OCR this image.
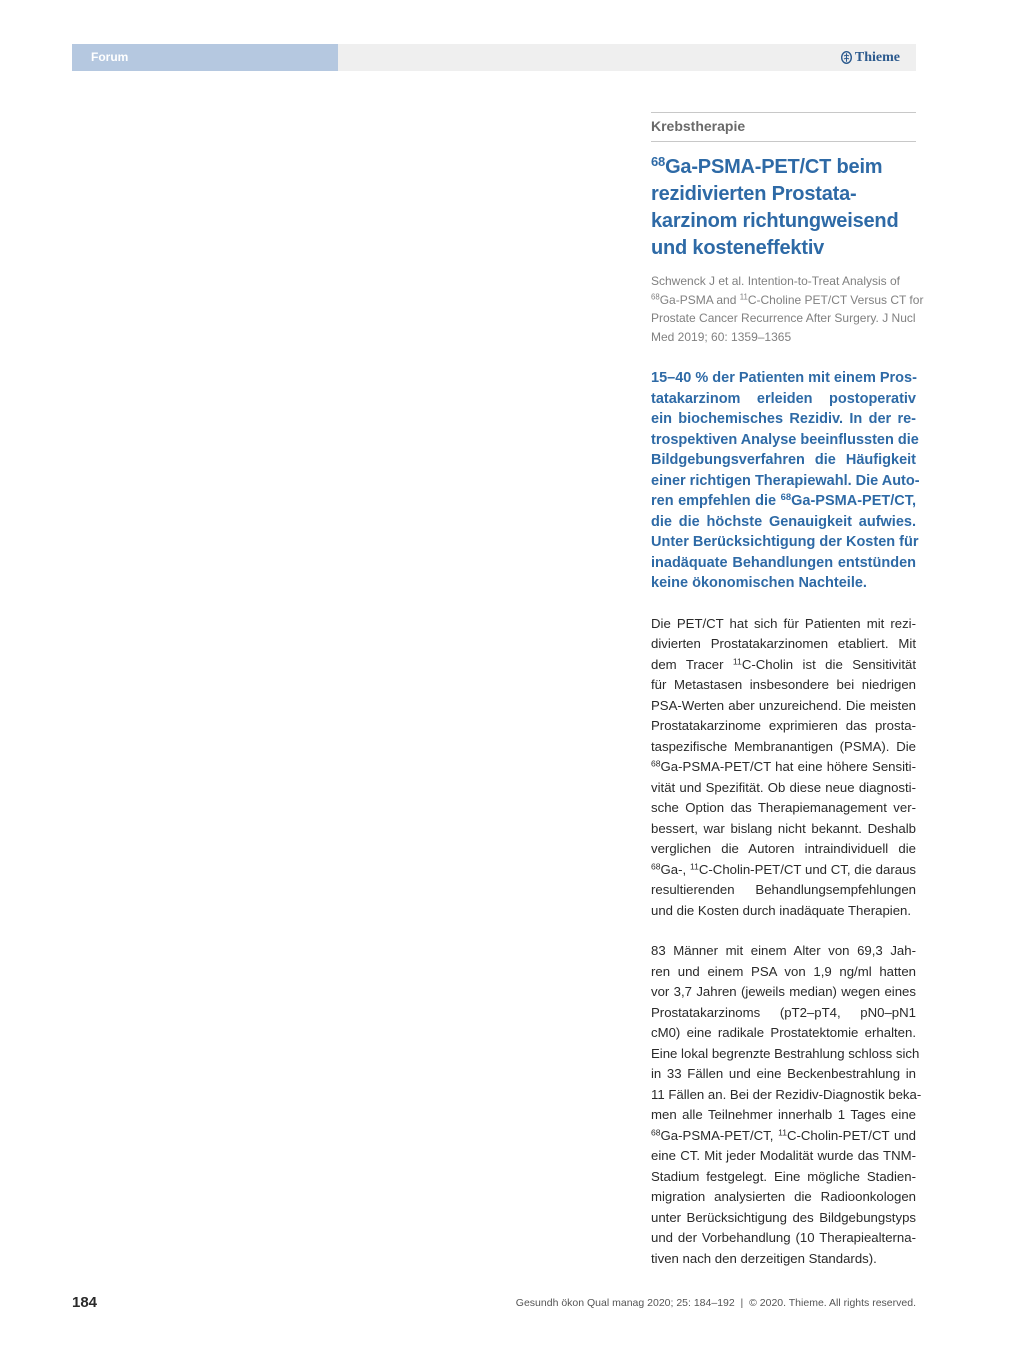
Forum	Thieme
Krebstherapie
$^{68}$Ga-PSMA-PET/CT beim
rezidivierten Prostata-
karzinom richtungweisend
und kosteneffektiv
Schwenck J et al. Intention-to-Treat Analysis of
$^{68}$Ga-PSMA and $^{11}$C-Choline PET/CT Versus CT for
Prostate Cancer Recurrence After Surgery. J Nucl
Med 2019; 60: 1359–1365
15–40 % der Patienten mit einem Pros-
tatakarzinom erleiden postoperativ
ein biochemisches Rezidiv. In der re-
trospektiven Analyse beeinflussten die
Bildgebungsverfahren die Häufigkeit
einer richtigen Therapiewahl. Die Auto-
ren empfehlen die $^{68}$Ga-PSMA-PET/CT,
die die höchste Genauigkeit aufwies.
Unter Berücksichtigung der Kosten für
inadäquate Behandlungen entstünden
keine ökonomischen Nachteile.
Die PET/CT hat sich für Patienten mit rezi-
divierten Prostatakarzinomen etabliert. Mit
dem Tracer $^{11}$C-Cholin ist die Sensitivität
für Metastasen insbesondere bei niedrigen
PSA-Werten aber unzureichend. Die meisten
Prostatakarzinome exprimieren das prosta-
taspezifische Membranantigen (PSMA). Die
$^{68}$Ga-PSMA-PET/CT hat eine höhere Sensiti-
vität und Spezifität. Ob diese neue diagnosti-
sche Option das Therapiemanagement ver-
bessert, war bislang nicht bekannt. Deshalb
verglichen die Autoren intraindividuell die
$^{68}$Ga-, $^{11}$C-Cholin-PET/CT und CT, die daraus
resultierenden Behandlungsempfehlungen
und die Kosten durch inadäquate Therapien.
83 Männer mit einem Alter von 69,3 Jah-
ren und einem PSA von 1,9 ng/ml hatten
vor 3,7 Jahren (jeweils median) wegen eines
Prostatakarzinoms (pT2–pT4, pN0–pN1
cM0) eine radikale Prostatektomie erhalten.
Eine lokal begrenzte Bestrahlung schloss sich
in 33 Fällen und eine Beckenbestrahlung in
11 Fällen an. Bei der Rezidiv-Diagnostik beka-
men alle Teilnehmer innerhalb 1 Tages eine
$^{68}$Ga-PSMA-PET/CT, $^{11}$C-Cholin-PET/CT und
eine CT. Mit jeder Modalität wurde das TNM-
Stadium festgelegt. Eine mögliche Stadien-
migration analysierten die Radioonkologen
unter Berücksichtigung des Bildgebungstyps
und der Vorbehandlung (10 Therapiealterna-
tiven nach den derzeitigen Standards).
184	Gesundh ökon Qual manag 2020; 25: 184–192  |  © 2020. Thieme. All rights reserved.
